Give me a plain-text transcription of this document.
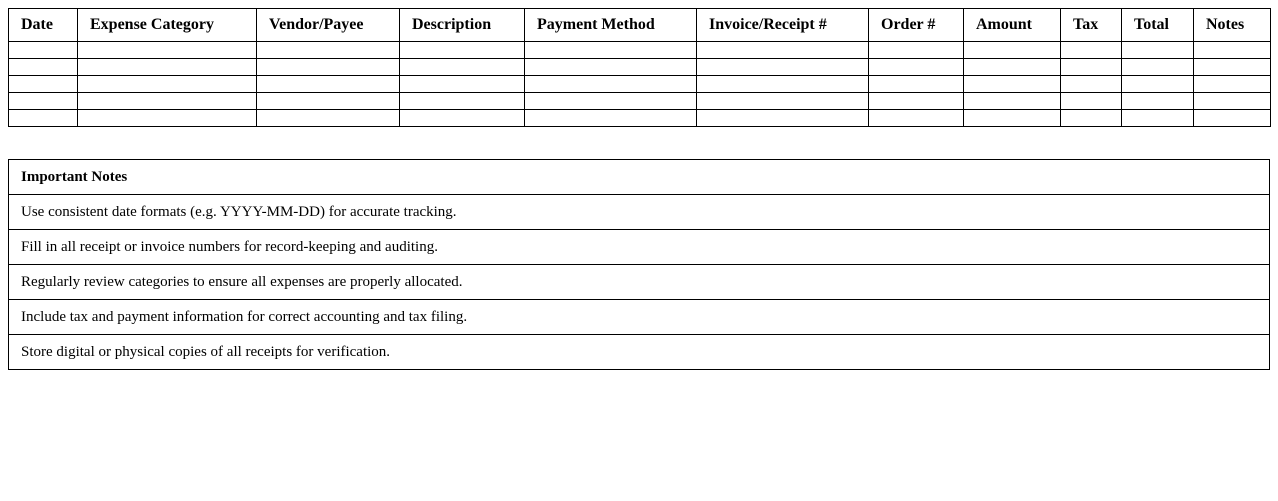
Date	Expense Category	Vendor/Payee	Description	Payment Method	Invoice/Receipt #	Order #	Amount	Tax	Total	Notes

Important Notes
Use consistent date formats (e.g. YYYY-MM-DD) for accurate tracking.
Fill in all receipt or invoice numbers for record-keeping and auditing.
Regularly review categories to ensure all expenses are properly allocated.
Include tax and payment information for correct accounting and tax filing.
Store digital or physical copies of all receipts for verification.
